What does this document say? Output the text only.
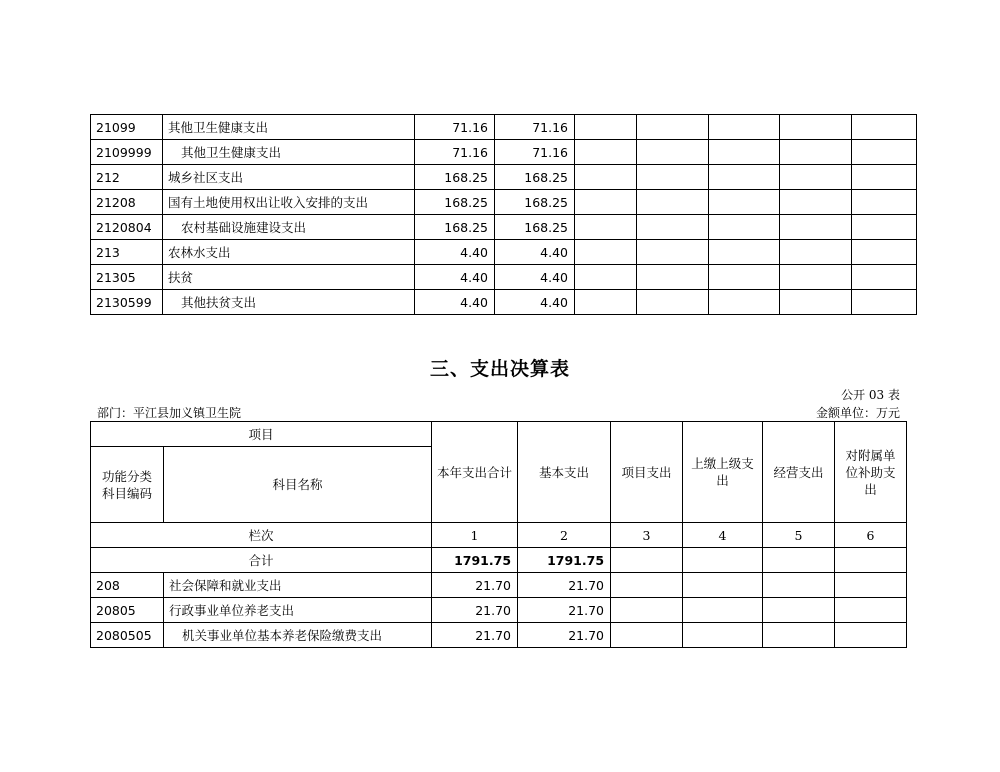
21099	其他卫生健康支出	71.16	71.16					
2109999	其他卫生健康支出	71.16	71.16					
212	城乡社区支出	168.25	168.25					
21208	国有土地使用权出让收入安排的支出	168.25	168.25					
2120804	农村基础设施建设支出	168.25	168.25					
213	农林水支出	4.40	4.40					
21305	扶贫	4.40	4.40					
2130599	其他扶贫支出	4.40	4.40					
三、支出决算表
公开 03 表
部门：平江县加义镇卫生院	金额单位：万元
项目		本年支出合计	基本支出	项目支出	上缴上级支出	经营支出	对附属单位补助支出
功能分类科目编码	科目名称						
栏次		1	2	3	4	5	6
合计		1791.75	1791.75				
208	社会保障和就业支出	21.70	21.70				
20805	行政事业单位养老支出	21.70	21.70				
2080505	机关事业单位基本养老保险缴费支出	21.70	21.70				
